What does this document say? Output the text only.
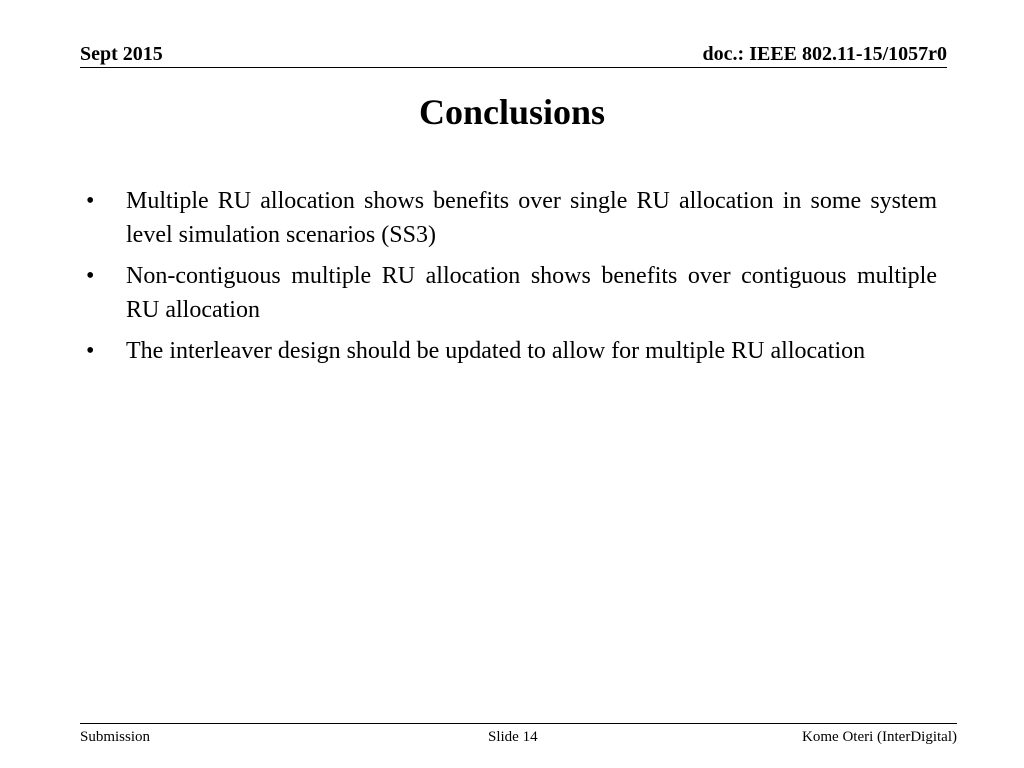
Sept 2015	doc.: IEEE 802.11-15/1057r0
Conclusions
• Multiple RU allocation shows benefits over single RU allocation in some system level simulation scenarios (SS3)
• Non-contiguous multiple RU allocation shows benefits over contiguous multiple RU allocation
• The interleaver design should be updated to allow for multiple RU allocation
Submission	Slide 14	Kome Oteri (InterDigital)
